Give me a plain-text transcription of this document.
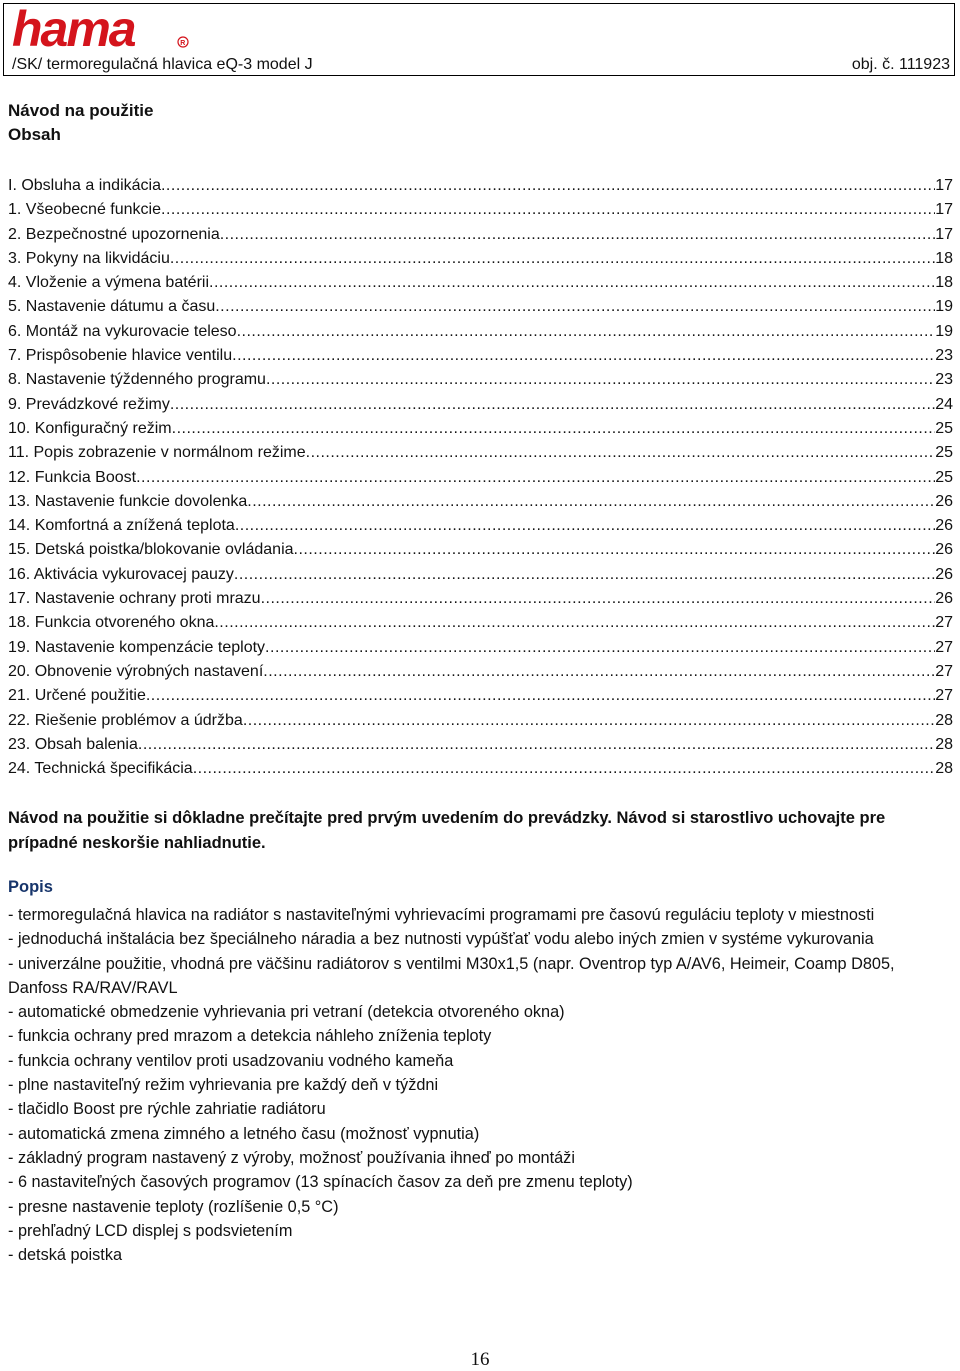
hama	R
/SK/ termoregulačná hlavica eQ-3 model J	obj. č. 111923
Návod na použitie
Obsah
I. Obsluha a indikácia .....	17
1. Všeobecné funkcie .....	17
2. Bezpečnostné upozornenia .....	17
3. Pokyny na likvidáciu .....	18
4. Vloženie a výmena batérii .....	18
5. Nastavenie dátumu a času .....	19
6. Montáž na vykurovacie teleso .....	19
7. Prispôsobenie hlavice ventilu .....	23
8. Nastavenie týždenného programu .....	23
9. Prevádzkové režimy .....	24
10. Konfiguračný režim .....	25
11. Popis zobrazenie v normálnom režime .....	25
12. Funkcia Boost .....	25
13. Nastavenie funkcie dovolenka .....	26
14. Komfortná a znížená teplota .....	26
15. Detská poistka/blokovanie ovládania .....	26
16. Aktivácia vykurovacej pauzy .....	26
17. Nastavenie ochrany proti mrazu .....	26
18. Funkcia otvoreného okna .....	27
19. Nastavenie kompenzácie teploty .....	27
20. Obnovenie výrobných nastavení .....	27
21. Určené použitie .....	27
22. Riešenie problémov a údržba .....	28
23. Obsah balenia .....	28
24. Technická špecifikácia .....	28
Návod na použitie si dôkladne prečítajte pred prvým uvedením do prevádzky. Návod si starostlivo uchovajte pre prípadné neskoršie nahliadnutie.
Popis
- termoregulačná hlavica na radiátor s nastaviteľnými vyhrievacími programami pre časovú reguláciu teploty v miestnosti
- jednoduchá inštalácia bez špeciálneho náradia a bez nutnosti vypúšťať vodu alebo iných zmien v systéme vykurovania
- univerzálne použitie, vhodná pre väčšinu radiátorov s ventilmi M30x1,5 (napr. Oventrop typ A/AV6, Heimeir, Coamp D805, Danfoss RA/RAV/RAVL
- automatické obmedzenie vyhrievania pri vetraní (detekcia otvoreného okna)
- funkcia ochrany pred mrazom a detekcia náhleho zníženia teploty
- funkcia ochrany ventilov proti usadzovaniu vodného kameňa
- plne nastaviteľný režim vyhrievania pre každý deň v týždni
- tlačidlo Boost pre rýchle zahriatie radiátoru
- automatická zmena zimného a letného času (možnosť vypnutia)
- základný program nastavený z výroby, možnosť používania ihneď po montáži
- 6 nastaviteľných časových programov (13 spínacích časov za deň pre zmenu teploty)
- presne nastavenie teploty (rozlíšenie 0,5 °C)
- prehľadný LCD displej s podsvietením
- detská poistka
16
